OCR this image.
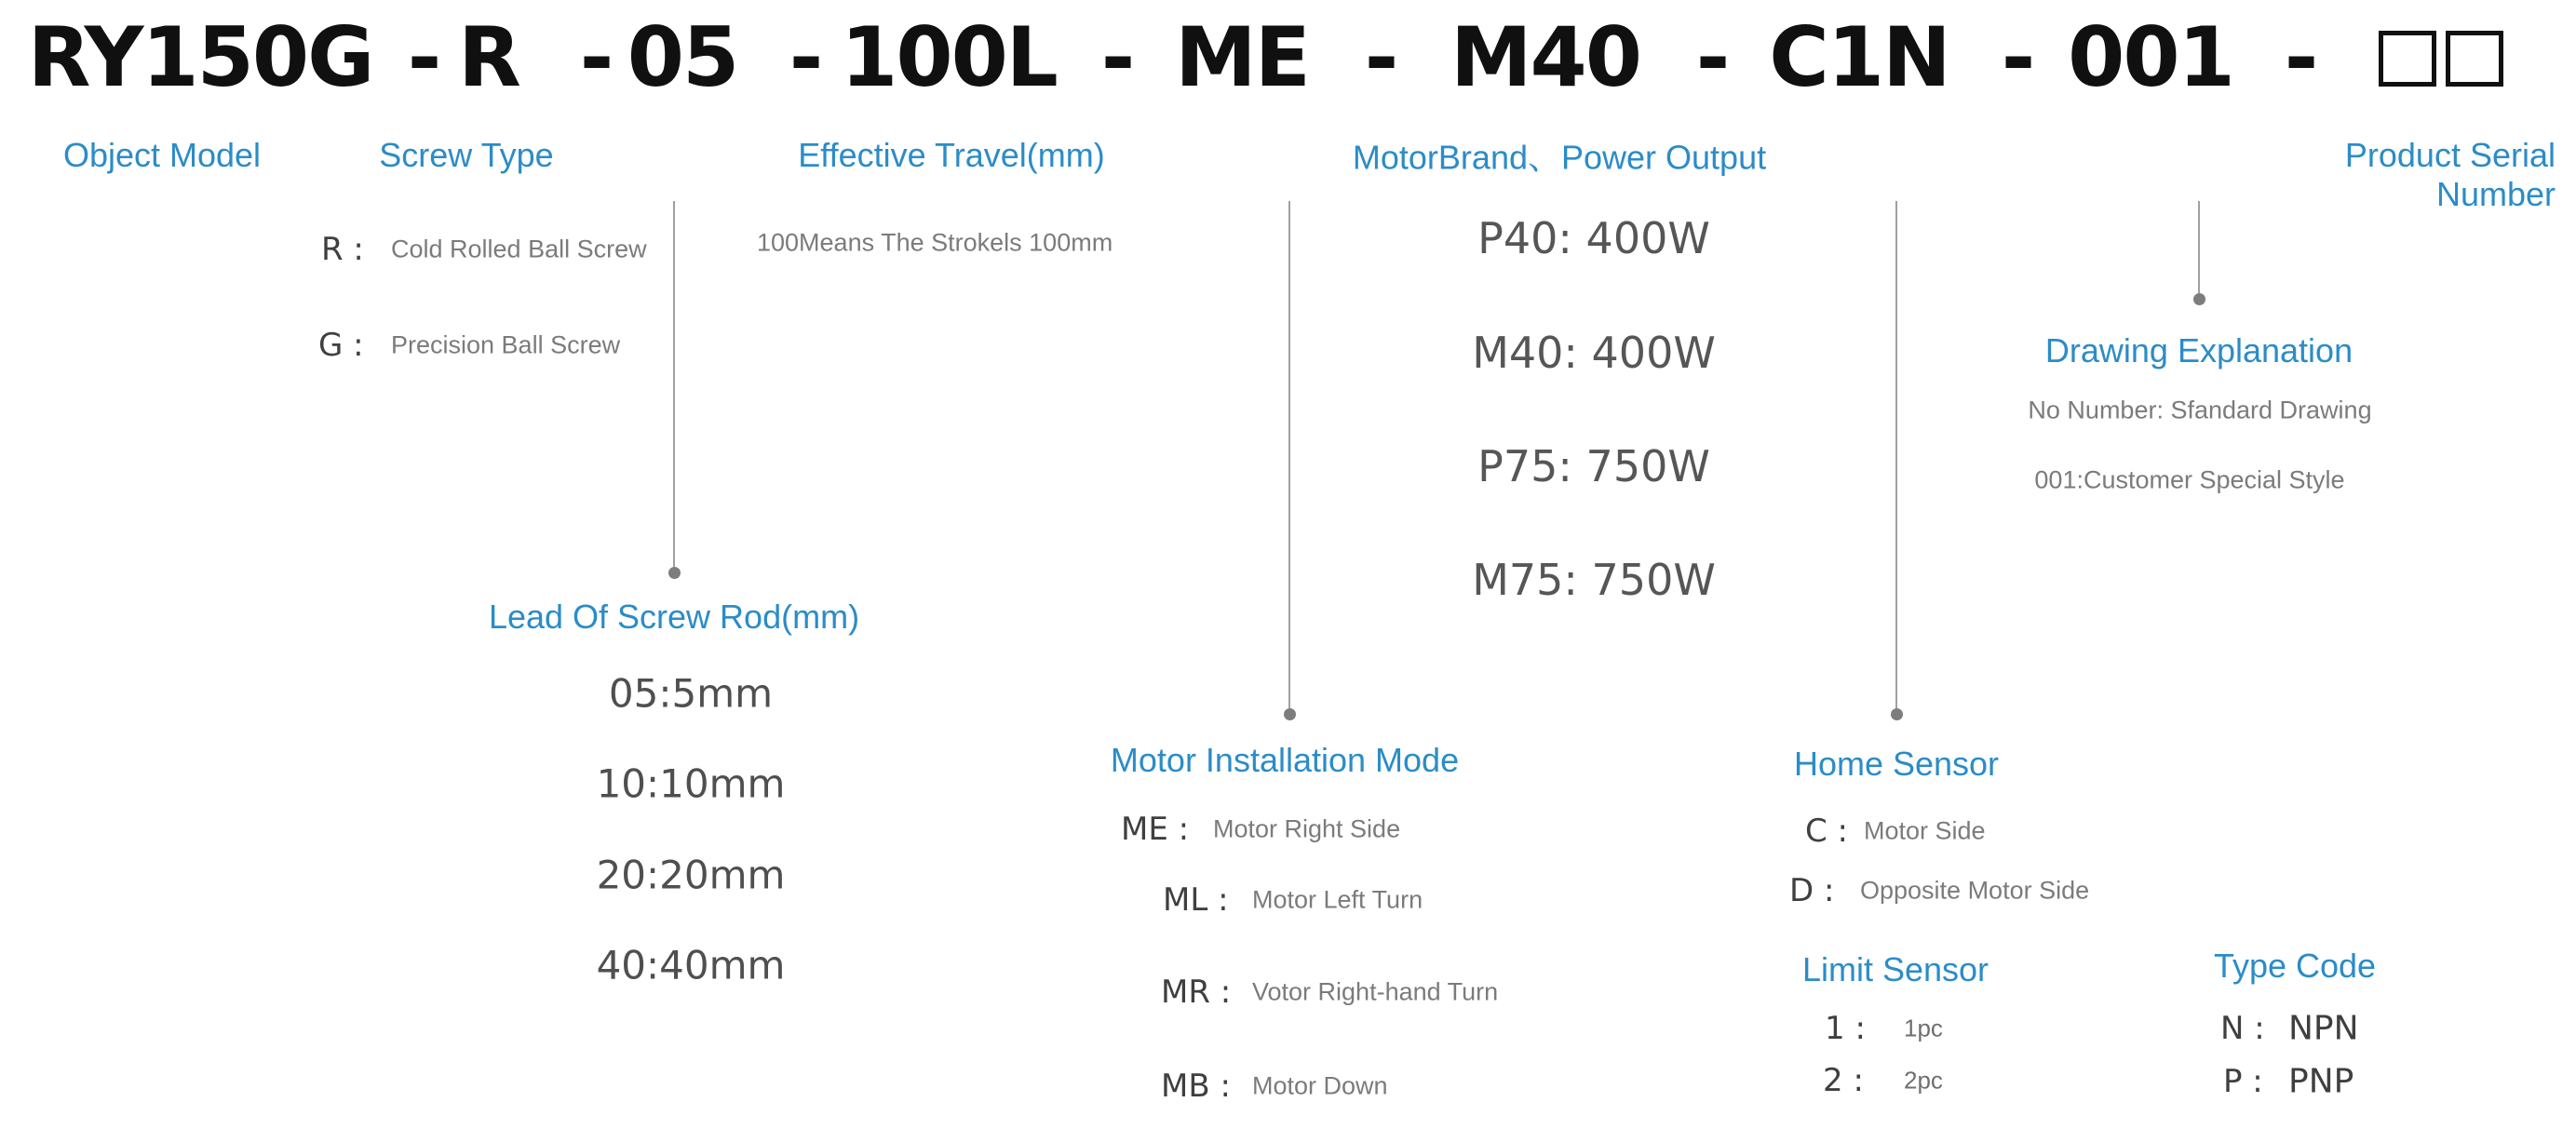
RY150G - R - 05 - 100L - ME - M40 - C1N - 001 -
Object Model	Screw Type	Effective Travel(mm)	MotorBrand、Power Output	Product Serial
Number
R : Cold Rolled Ball Screw
G : Precision Ball Screw
100Means The Strokels 100mm	P40: 400W
M40: 400W
P75: 750W
M75: 750W
Lead Of Screw Rod(mm)
05:5mm
10:10mm
20:20mm
40:40mm
Motor Installation Mode
ME : Motor Right Side
ML : Motor Left Turn
MR : Votor Right-hand Turn
MB : Motor Down
Home Sensor
C : Motor Side
D : Opposite Motor Side
Drawing Explanation
No Number: Sfandard Drawing
001:Customer Special Style
Limit Sensor
1 : 1pc
2 : 2pc
Type Code
N : NPN
P : PNP
